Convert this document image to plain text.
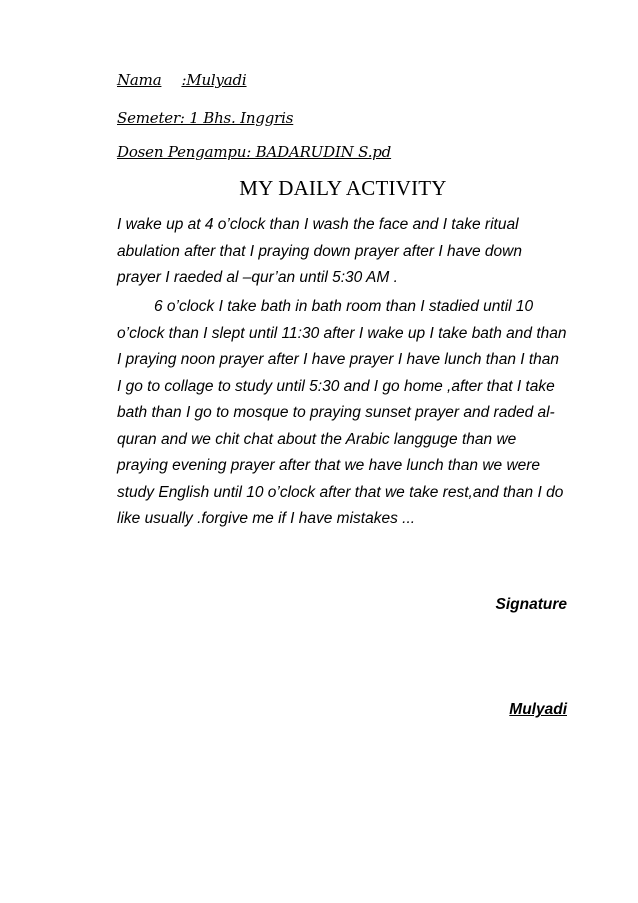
Nama :Mulyadi
Semeter: 1 Bhs. Inggris
Dosen Pengampu: BADARUDIN S.pd
MY DAILY ACTIVITY
I wake up at 4 o’clock than I wash the face and I take ritual abulation after that I praying down prayer after I have down prayer I raeded al –qur’an until 5:30 AM .
6 o’clock I take bath in bath room than I stadied until 10 o’clock than I slept until 11:30 after I wake up I take bath and than I praying noon prayer after I have prayer I have lunch than I than I go to collage to study until 5:30 and I go home ,after that I take bath than I go to mosque to praying sunset prayer and raded al-quran and we chit chat about the Arabic langguge than we praying evening prayer after that we have lunch than we were study English until 10 o’clock after that we take rest,and than I do like usually .forgive me if I have mistakes ...
Signature
Mulyadi
